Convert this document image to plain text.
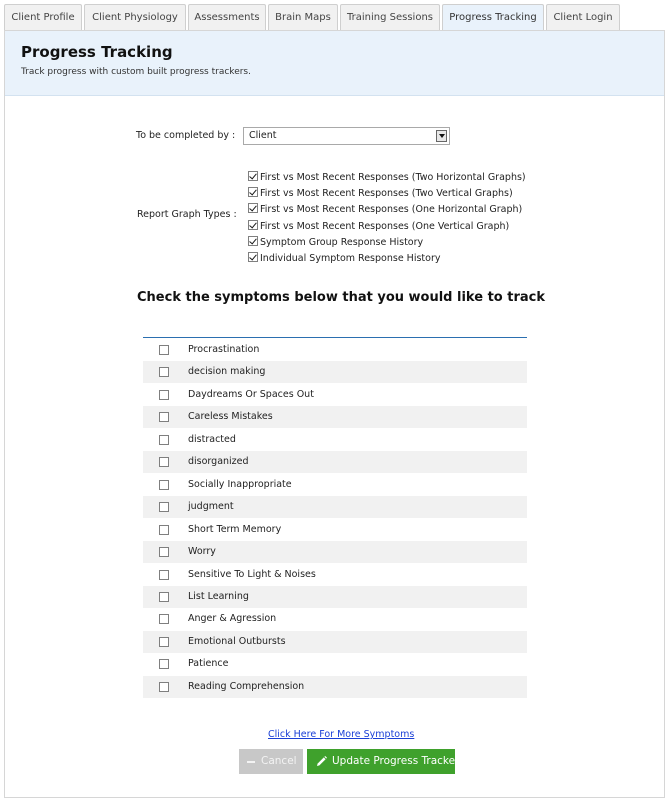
Client Profile	Client Physiology	Assessments	Brain Maps	Training Sessions	Progress Tracking	Client Login
Progress Tracking
Track progress with custom built progress trackers.
To be completed by :	Client
Report Graph Types :
First vs Most Recent Responses (Two Horizontal Graphs)
First vs Most Recent Responses (Two Vertical Graphs)
First vs Most Recent Responses (One Horizontal Graph)
First vs Most Recent Responses (One Vertical Graph)
Symptom Group Response History
Individual Symptom Response History
Check the symptoms below that you would like to track
Procrastination
decision making
Daydreams Or Spaces Out
Careless Mistakes
distracted
disorganized
Socially Inappropriate
judgment
Short Term Memory
Worry
Sensitive To Light & Noises
List Learning
Anger & Agression
Emotional Outbursts
Patience
Reading Comprehension
Click Here For More Symptoms
Cancel	Update Progress Tracker
